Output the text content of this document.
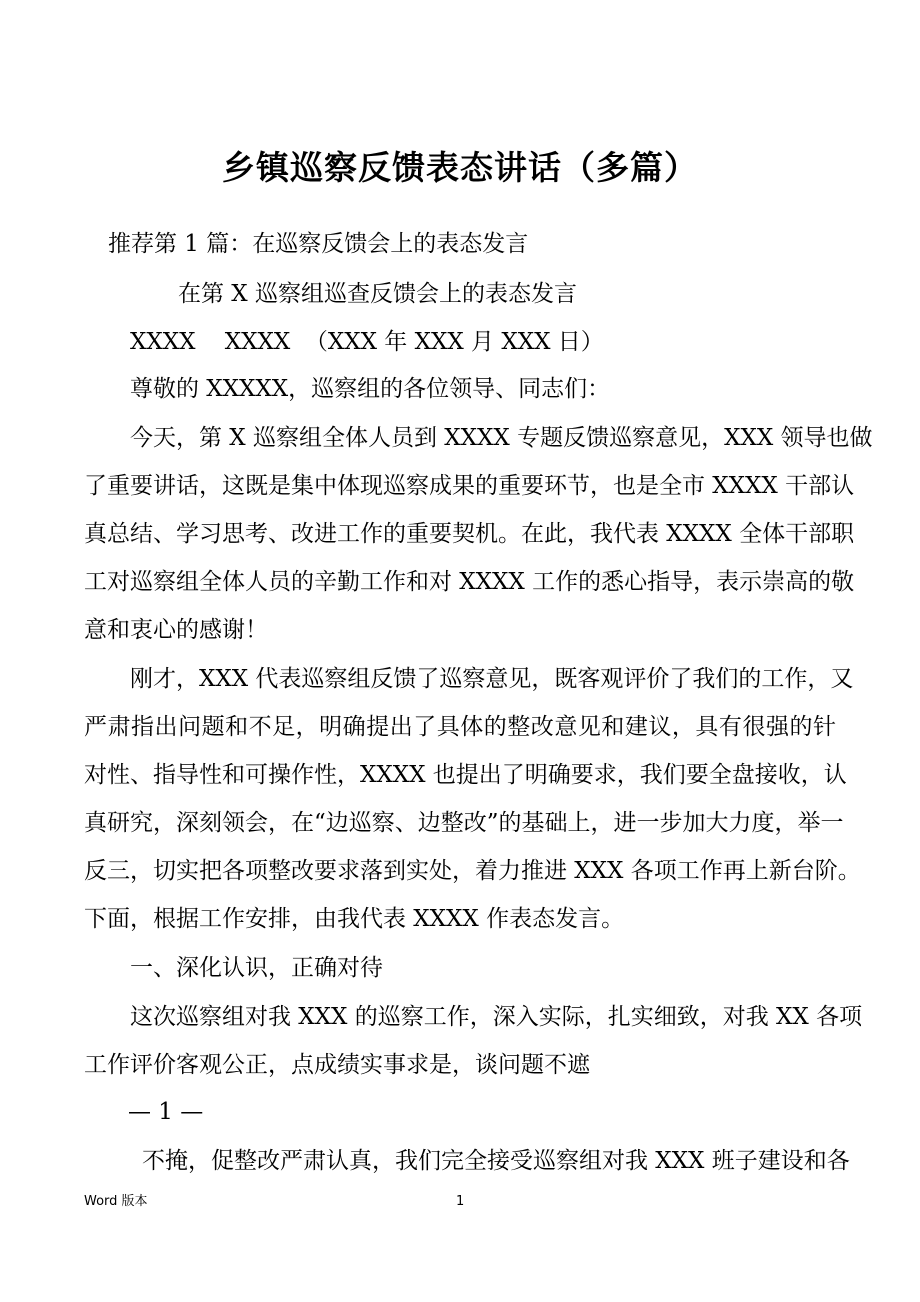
乡镇巡察反馈表态讲话（多篇）
推荐第 1 篇：在巡察反馈会上的表态发言
在第 X 巡察组巡查反馈会上的表态发言
XXXX    XXXX  （XXX 年 XXX 月 XXX 日）
尊敬的 XXXXX，巡察组的各位领导、同志们：
今天，第 X 巡察组全体人员到 XXXX 专题反馈巡察意见，XXX 领导也做
了重要讲话，这既是集中体现巡察成果的重要环节，也是全市 XXXX 干部认
真总结、学习思考、改进工作的重要契机。在此，我代表 XXXX 全体干部职
工对巡察组全体人员的辛勤工作和对 XXXX 工作的悉心指导，表示崇高的敬
意和衷心的感谢！
刚才，XXX 代表巡察组反馈了巡察意见，既客观评价了我们的工作，又
严肃指出问题和不足，明确提出了具体的整改意见和建议，具有很强的针
对性、指导性和可操作性，XXXX 也提出了明确要求，我们要全盘接收，认
真研究，深刻领会，在“边巡察、边整改”的基础上，进一步加大力度，举一
反三，切实把各项整改要求落到实处，着力推进 XXX 各项工作再上新台阶。
下面，根据工作安排，由我代表 XXXX 作表态发言。
一、深化认识，正确对待
这次巡察组对我 XXX 的巡察工作，深入实际，扎实细致，对我 XX 各项
工作评价客观公正，点成绩实事求是，谈问题不遮
— 1 —
不掩，促整改严肃认真，我们完全接受巡察组对我 XXX 班子建设和各
Word 版本	1
